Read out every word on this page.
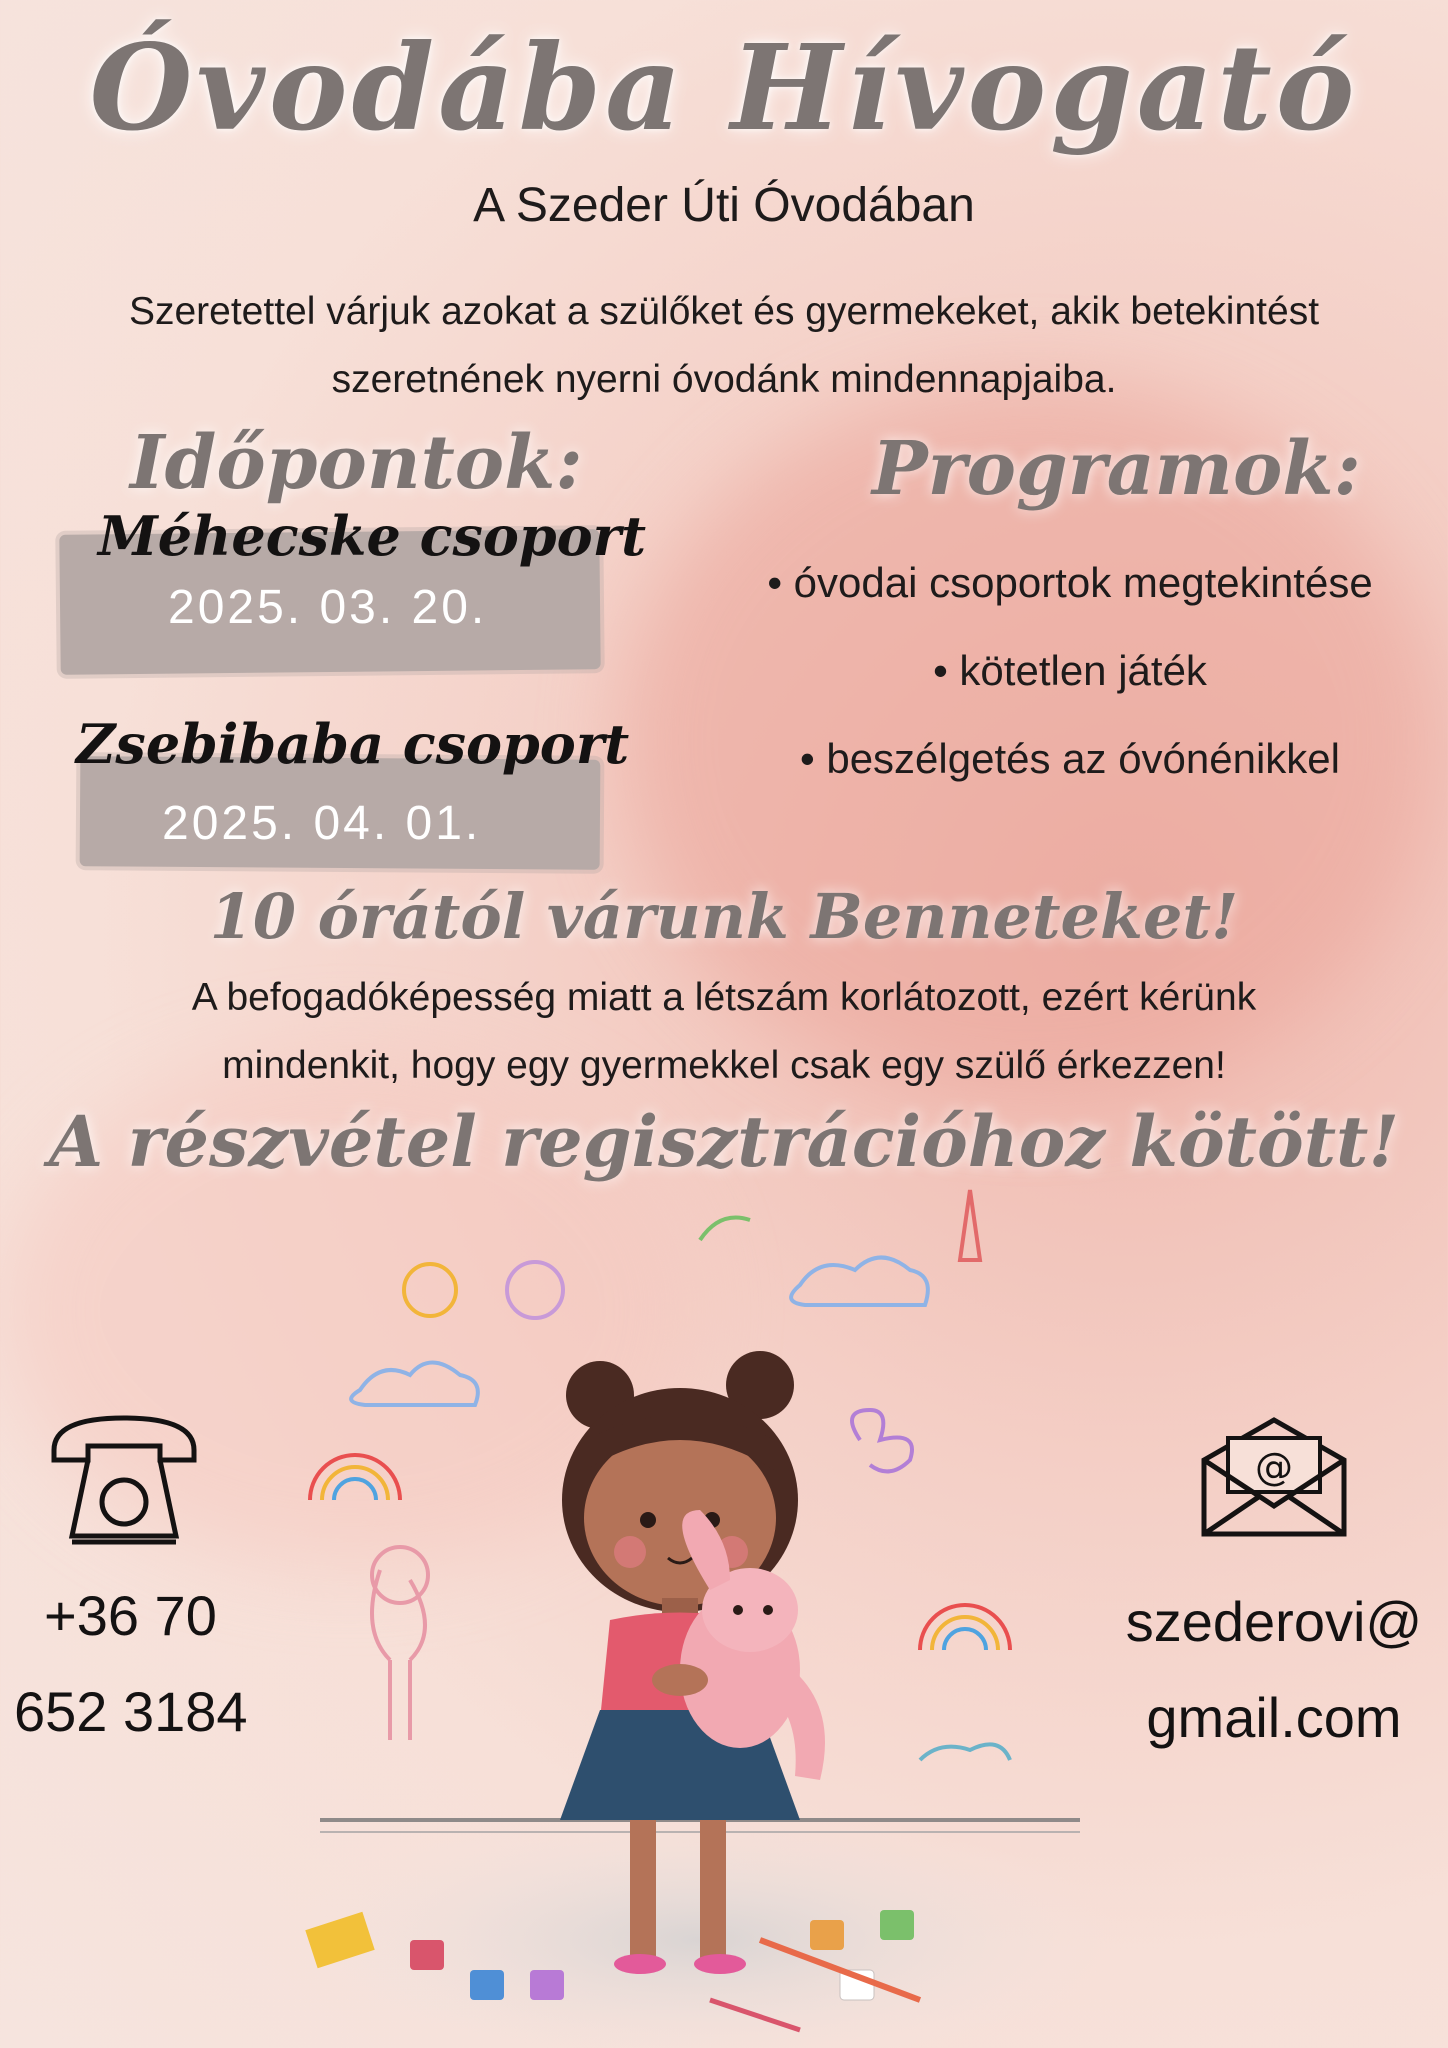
Óvodába Hívogató
A Szeder Úti Óvodában
Szeretettel várjuk azokat a szülőket és gyermekeket, akik betekintést
szeretnének nyerni óvodánk mindennapjaiba.
Időpontok:
Méhecske csoport
2025. 03. 20.
Zsebibaba csoport
2025. 04. 01.
Programok:
• óvodai csoportok megtekintése
• kötetlen játék
• beszélgetés az óvónénikkel
10 órától várunk Benneteket!
A befogadóképesség miatt a létszám korlátozott, ezért kérünk
mindenkit, hogy egy gyermekkel csak egy szülő érkezzen!
A részvétel regisztrációhoz kötött!
+36 70
652 3184
@
szederovi@
gmail.com
